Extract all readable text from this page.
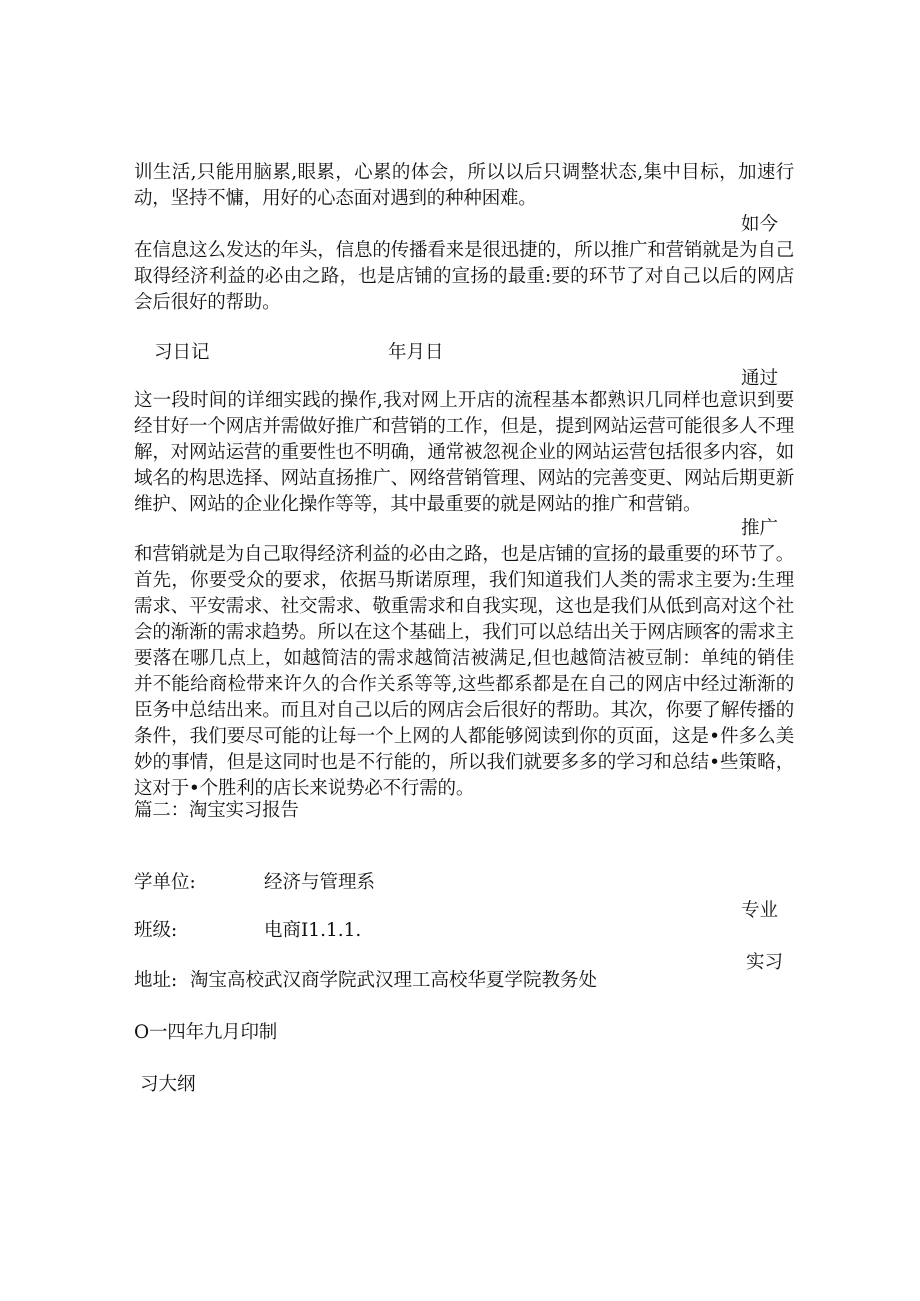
训生活,只能用脑累,眼累，心累的体会，所以以后只调整状态,集中目标，加速行
动，坚持不慵，用好的心态面对遇到的种种困难。
如今
在信息这么发达的年头，信息的传播看来是很迅捷的，所以推广和营销就是为自己
取得经济利益的必由之路，也是店铺的宣扬的最重:要的环节了对自己以后的网店
会后很好的帮助。
习日记	年月日
通过
这一段时间的详细实践的操作,我对网上开店的流程基本都熟识几同样也意识到要
经甘好一个网店并需做好推广和营销的工作，但是，提到网站运营可能很多人不理
解，对网站运营的重要性也不明确，通常被忽视企业的网站运营包括很多内容，如
域名的构思选择、网站直扬推广、网络营销管理、网站的完善变更、网站后期更新
维护、网站的企业化操作等等，其中最重要的就是网站的推广和营销。
推广
和营销就是为自己取得经济利益的必由之路，也是店铺的宣扬的最重要的环节了。
首先，你要受众的要求，依据马斯诺原理，我们知道我们人类的需求主要为:生理
需求、平安需求、社交需求、敬重需求和自我实现，这也是我们从低到高对这个社
会的渐渐的需求趋势。所以在这个基础上，我们可以总结出关于网店顾客的需求主
要落在哪几点上，如越简洁的需求越简洁被满足,但也越简洁被豆制：单纯的销佳
并不能给商检带来许久的合作关系等等,这些都系都是在自己的网店中经过渐渐的
臣务中总结出来。而且对自己以后的网店会后很好的帮助。其次，你要了解传播的
条件，我们要尽可能的让每一个上网的人都能够阅读到你的页面，这是•件多么美
妙的事情，但是这同时也是不行能的，所以我们就要多多的学习和总结•些策略，
这对于•个胜利的店长来说势必不行需的。
篇二：淘宝实习报告
学单位:	经济与管理系
专业
班级:	电商I1.1.1.
实习
地址: 淘宝高校武汉商学院武汉理工高校华夏学院教务处
O一四年九月印制
习大纲
